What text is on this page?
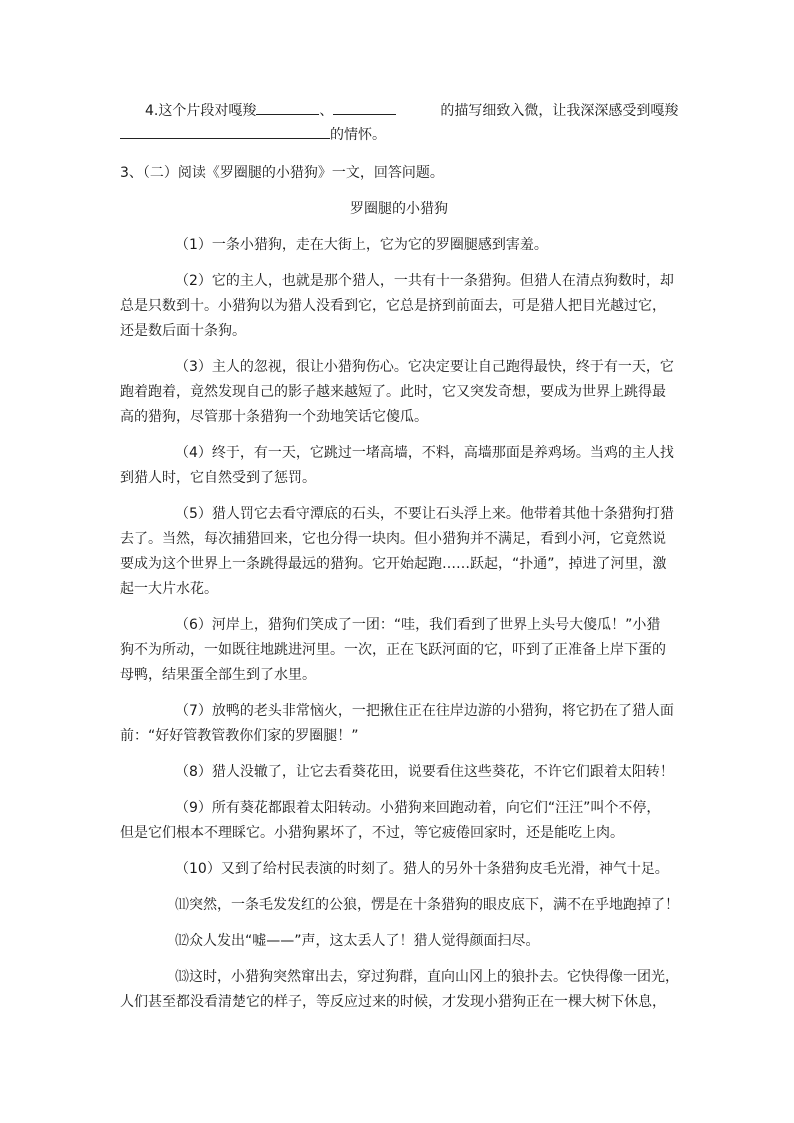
4.这个片段对嘎羧	、	的描写细致入微，让我深深感受到嘎羧
的情怀。
3、（二）阅读《罗圈腿的小猎狗》一文，回答问题。
罗圈腿的小猎狗
（1）一条小猎狗，走在大街上，它为它的罗圈腿感到害羞。
（2）它的主人，也就是那个猎人，一共有十一条猎狗。但猎人在清点狗数时，却
总是只数到十。小猎狗以为猎人没看到它，它总是挤到前面去，可是猎人把目光越过它，
还是数后面十条狗。
（3）主人的忽视，很让小猎狗伤心。它决定要让自己跑得最快，终于有一天，它
跑着跑着，竟然发现自己的影子越来越短了。此时，它又突发奇想，要成为世界上跳得最
高的猎狗，尽管那十条猎狗一个劲地笑话它傻瓜。
（4）终于，有一天，它跳过一堵高墙，不料，高墙那面是养鸡场。当鸡的主人找
到猎人时，它自然受到了惩罚。
（5）猎人罚它去看守潭底的石头，不要让石头浮上来。他带着其他十条猎狗打猎
去了。当然，每次捕猎回来，它也分得一块肉。但小猎狗并不满足，看到小河，它竟然说
要成为这个世界上一条跳得最远的猎狗。它开始起跑……跃起，“扑通”，掉进了河里，激
起一大片水花。
（6）河岸上，猎狗们笑成了一团：“哇，我们看到了世界上头号大傻瓜！”小猎
狗不为所动，一如既往地跳进河里。一次，正在飞跃河面的它，吓到了正准备上岸下蛋的
母鸭，结果蛋全部生到了水里。
（7）放鸭的老头非常恼火，一把揪住正在往岸边游的小猎狗，将它扔在了猎人面
前：“好好管教管教你们家的罗圈腿！”
（8）猎人没辙了，让它去看葵花田，说要看住这些葵花，不许它们跟着太阳转！
（9）所有葵花都跟着太阳转动。小猎狗来回跑动着，向它们“汪汪”叫个不停，
但是它们根本不理睬它。小猎狗累坏了，不过，等它疲倦回家时，还是能吃上肉。
（10）又到了给村民表演的时刻了。猎人的另外十条猎狗皮毛光滑，神气十足。
⑾突然，一条毛发发红的公狼，愣是在十条猎狗的眼皮底下，满不在乎地跑掉了！
⑿众人发出“嘘——”声，这太丢人了！猎人觉得颜面扫尽。
⒀这时，小猎狗突然窜出去，穿过狗群，直向山冈上的狼扑去。它快得像一团光，
人们甚至都没看清楚它的样子，等反应过来的时候，才发现小猎狗正在一棵大树下休息，
